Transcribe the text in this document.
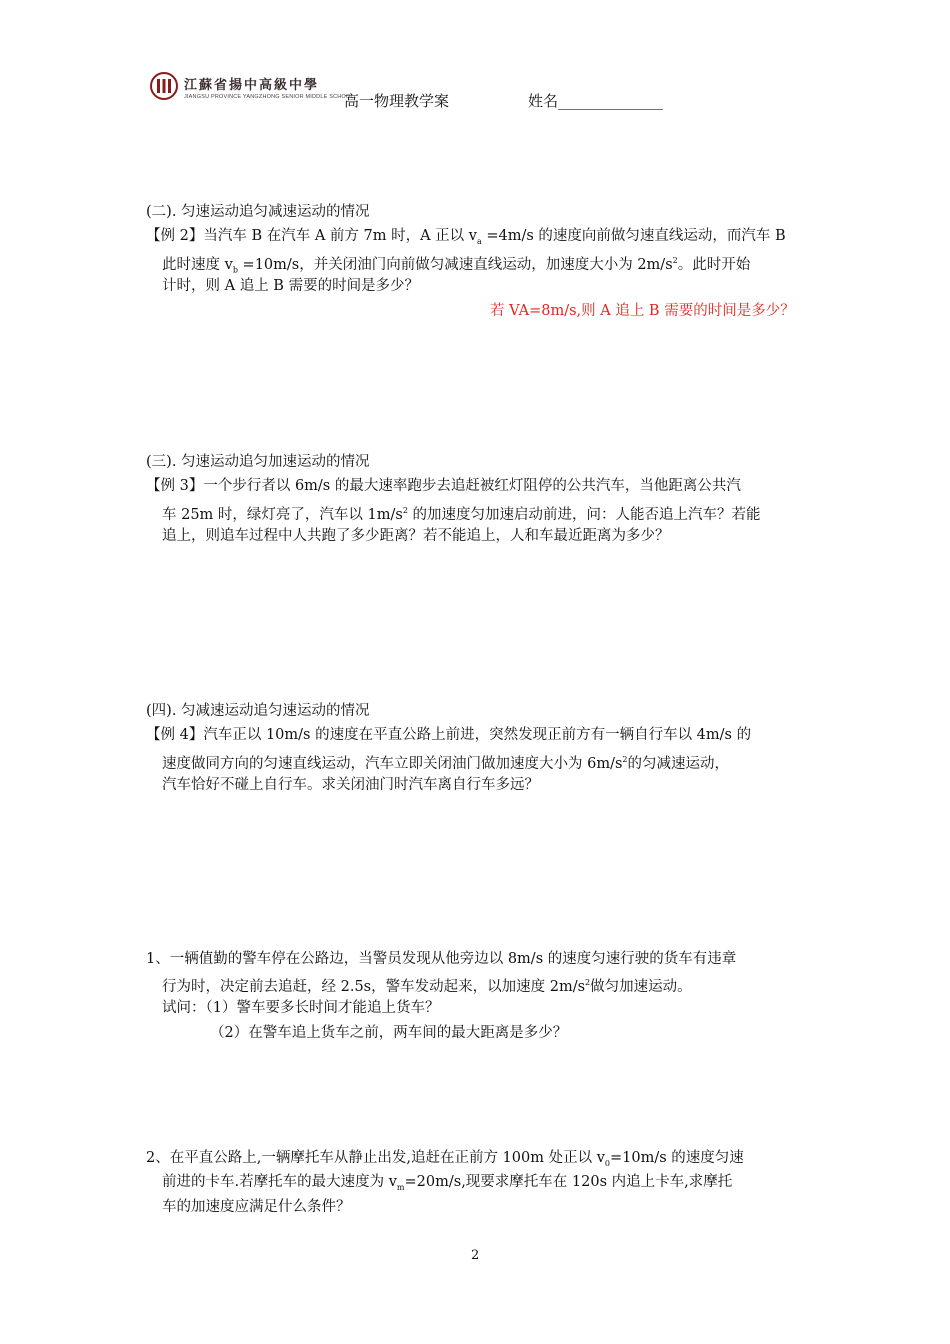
江蘇省揚中高級中學
JIANGSU PROVINCE YANGZHONG SENIOR MIDDLE SCHOOL
高一物理教学案	姓名______________
(二). 匀速运动追匀减速运动的情况
【例 2】当汽车 B 在汽车 A 前方 7m 时，A 正以 $v_a =4m/s$ 的速度向前做匀速直线运动，而汽车 B
此时速度 $v_b =10m/s$，并关闭油门向前做匀减速直线运动，加速度大小为 $2m/s^2$。此时开始
计时，则 A 追上 B 需要的时间是多少？
若 VA=8m/s,则 A 追上 B 需要的时间是多少？
(三). 匀速运动追匀加速运动的情况
【例 3】一个步行者以 6m/s 的最大速率跑步去追赶被红灯阻停的公共汽车，当他距离公共汽
车 25m 时，绿灯亮了，汽车以 $1m/s^2$ 的加速度匀加速启动前进，问：人能否追上汽车？若能
追上，则追车过程中人共跑了多少距离？若不能追上，人和车最近距离为多少？
(四). 匀减速运动追匀速运动的情况
【例 4】汽车正以 10m/s 的速度在平直公路上前进，突然发现正前方有一辆自行车以 4m/s 的
速度做同方向的匀速直线运动，汽车立即关闭油门做加速度大小为 $6m/s^2$的匀减速运动，
汽车恰好不碰上自行车。求关闭油门时汽车离自行车多远？
1、一辆值勤的警车停在公路边，当警员发现从他旁边以 8m/s 的速度匀速行驶的货车有违章
行为时，决定前去追赶，经 2.5s，警车发动起来，以加速度 $2m/s^2$做匀加速运动。
试问：（1）警车要多长时间才能追上货车？
（2）在警车追上货车之前，两车间的最大距离是多少？
2、在平直公路上,一辆摩托车从静止出发,追赶在正前方 100m 处正以 $v_0=10m/s$ 的速度匀速
前进的卡车.若摩托车的最大速度为 $v_m=20m/s$,现要求摩托车在 120s 内追上卡车,求摩托
车的加速度应满足什么条件？
2
